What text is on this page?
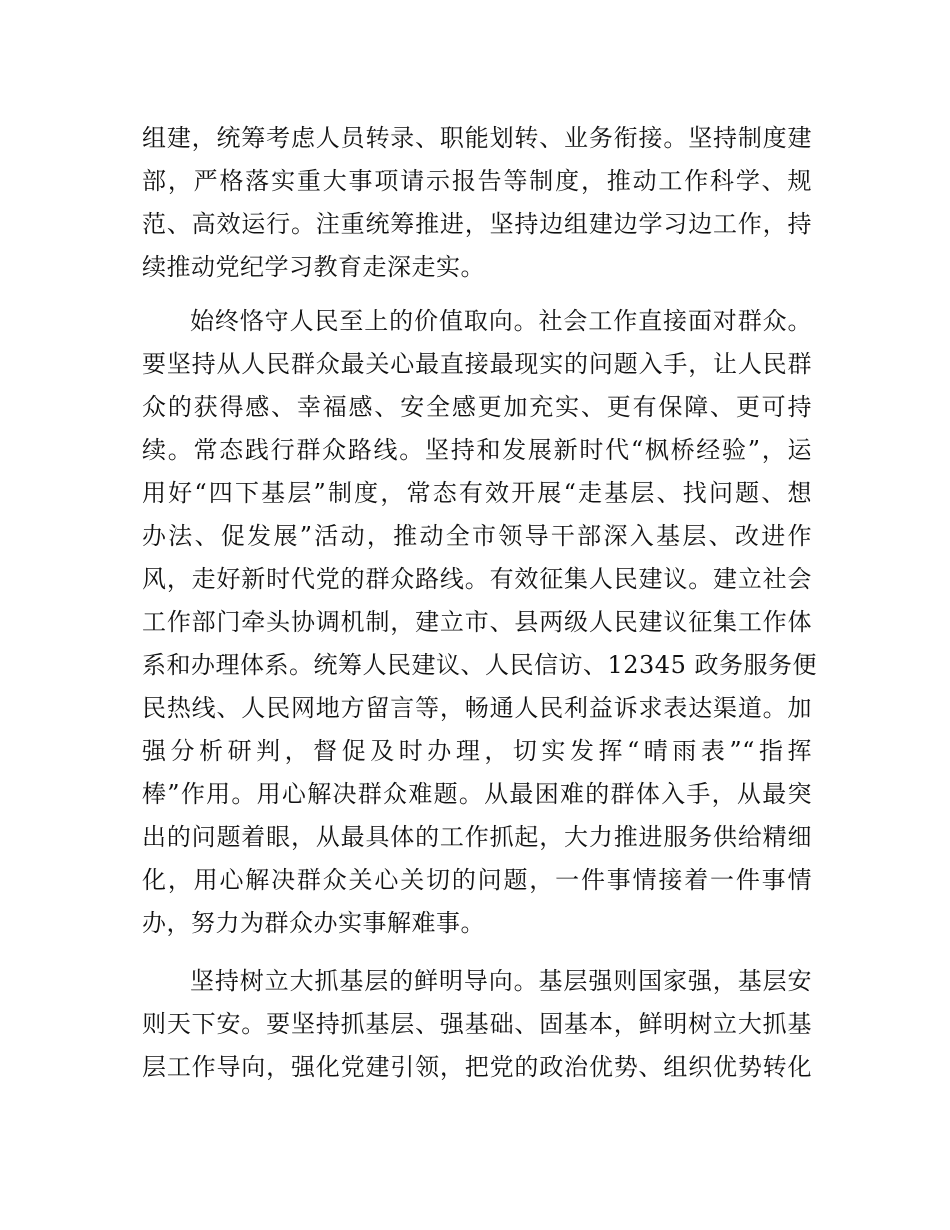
组建，统筹考虑人员转录、职能划转、业务衔接。坚持制度建
部，严格落实重大事项请示报告等制度，推动工作科学、规
范、高效运行。注重统筹推进，坚持边组建边学习边工作，持
续推动党纪学习教育走深走实。
始终恪守人民至上的价值取向。社会工作直接面对群众。
要坚持从人民群众最关心最直接最现实的问题入手，让人民群
众的获得感、幸福感、安全感更加充实、更有保障、更可持
续。常态践行群众路线。坚持和发展新时代“枫桥经验”，运
用好“四下基层”制度，常态有效开展“走基层、找问题、想
办法、促发展”活动，推动全市领导干部深入基层、改进作
风，走好新时代党的群众路线。有效征集人民建议。建立社会
工作部门牵头协调机制，建立市、县两级人民建议征集工作体
系和办理体系。统筹人民建议、人民信访、12345 政务服务便
民热线、人民网地方留言等，畅通人民利益诉求表达渠道。加
强分析研判，督促及时办理，切实发挥“晴雨表”“指挥
棒”作用。用心解决群众难题。从最困难的群体入手，从最突
出的问题着眼，从最具体的工作抓起，大力推进服务供给精细
化，用心解决群众关心关切的问题，一件事情接着一件事情
办，努力为群众办实事解难事。
坚持树立大抓基层的鲜明导向。基层强则国家强，基层安
则天下安。要坚持抓基层、强基础、固基本，鲜明树立大抓基
层工作导向，强化党建引领，把党的政治优势、组织优势转化
